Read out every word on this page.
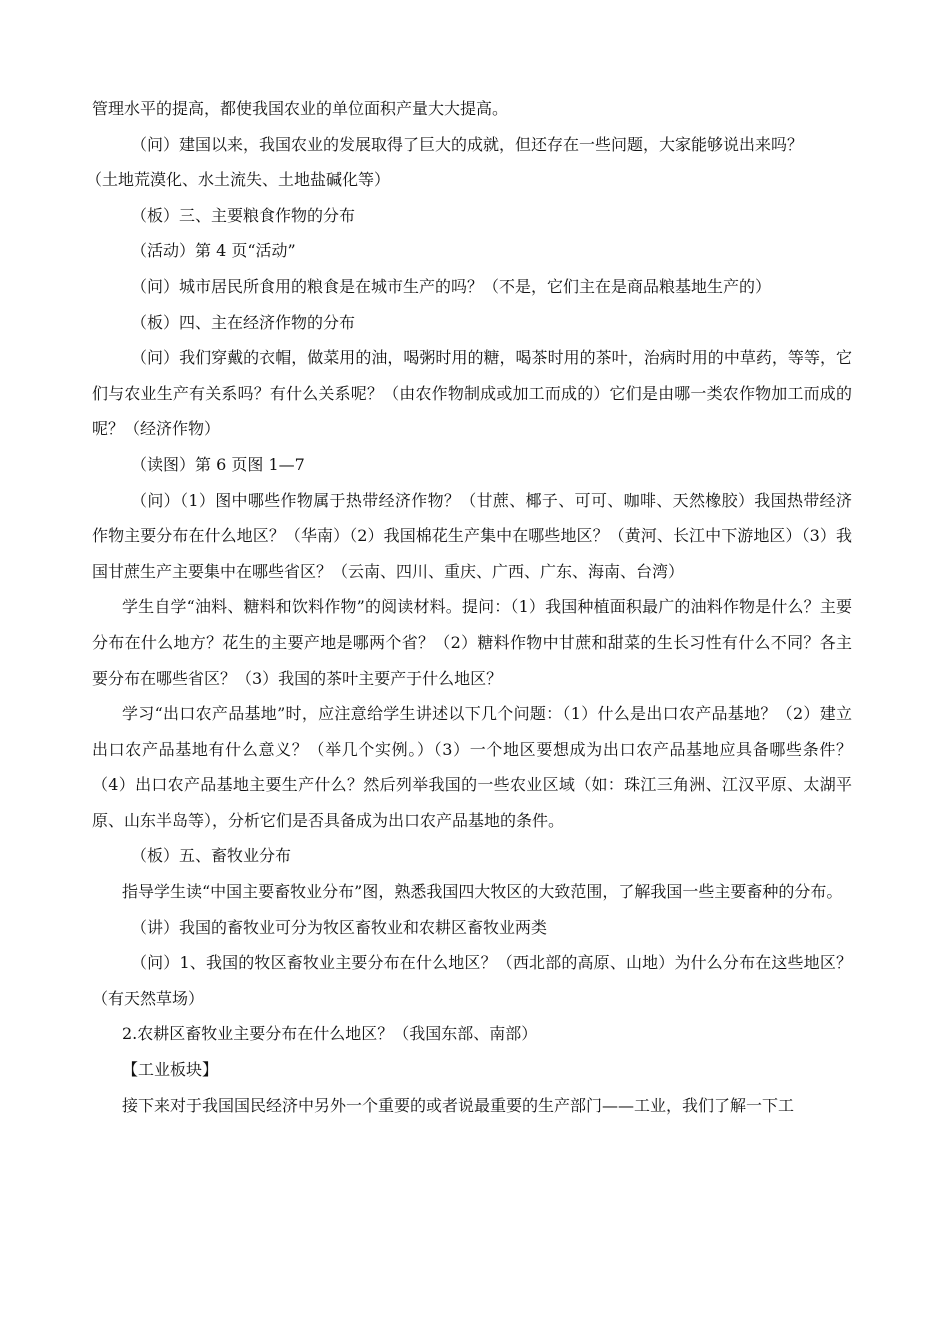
管理水平的提高，都使我国农业的单位面积产量大大提高。

（问）建国以来，我国农业的发展取得了巨大的成就，但还存在一些问题，大家能够说出来吗？

（土地荒漠化、水土流失、土地盐碱化等）

（板）三、主要粮食作物的分布

（活动）第 4 页“活动”

（问）城市居民所食用的粮食是在城市生产的吗？（不是，它们主在是商品粮基地生产的）

（板）四、主在经济作物的分布

（问）我们穿戴的衣帽，做菜用的油，喝粥时用的糖，喝茶时用的茶叶，治病时用的中草药，等等，它们与农业生产有关系吗？有什么关系呢？（由农作物制成或加工而成的）它们是由哪一类农作物加工而成的呢？（经济作物）

（读图）第 6 页图 1—7

（问）（1）图中哪些作物属于热带经济作物？（甘蔗、椰子、可可、咖啡、天然橡胶）我国热带经济作物主要分布在什么地区？（华南）（2）我国棉花生产集中在哪些地区？（黄河、长江中下游地区）（3）我国甘蔗生产主要集中在哪些省区？（云南、四川、重庆、广西、广东、海南、台湾）

学生自学“油料、糖料和饮料作物”的阅读材料。提问：（1）我国种植面积最广的油料作物是什么？主要分布在什么地方？花生的主要产地是哪两个省？（2）糖料作物中甘蔗和甜菜的生长习性有什么不同？各主要分布在哪些省区？（3）我国的茶叶主要产于什么地区？

学习“出口农产品基地”时，应注意给学生讲述以下几个问题：（1）什么是出口农产品基地？（2）建立出口农产品基地有什么意义？（举几个实例。）（3）一个地区要想成为出口农产品基地应具备哪些条件？（4）出口农产品基地主要生产什么？然后列举我国的一些农业区域（如：珠江三角洲、江汉平原、太湖平原、山东半岛等），分析它们是否具备成为出口农产品基地的条件。

（板）五、畜牧业分布

指导学生读“中国主要畜牧业分布”图，熟悉我国四大牧区的大致范围，了解我国一些主要畜种的分布。

（讲）我国的畜牧业可分为牧区畜牧业和农耕区畜牧业两类

（问）1、我国的牧区畜牧业主要分布在什么地区？（西北部的高原、山地）为什么分布在这些地区？（有天然草场）

2.农耕区畜牧业主要分布在什么地区？（我国东部、南部）

【工业板块】

接下来对于我国国民经济中另外一个重要的或者说最重要的生产部门——工业，我们了解一下工
